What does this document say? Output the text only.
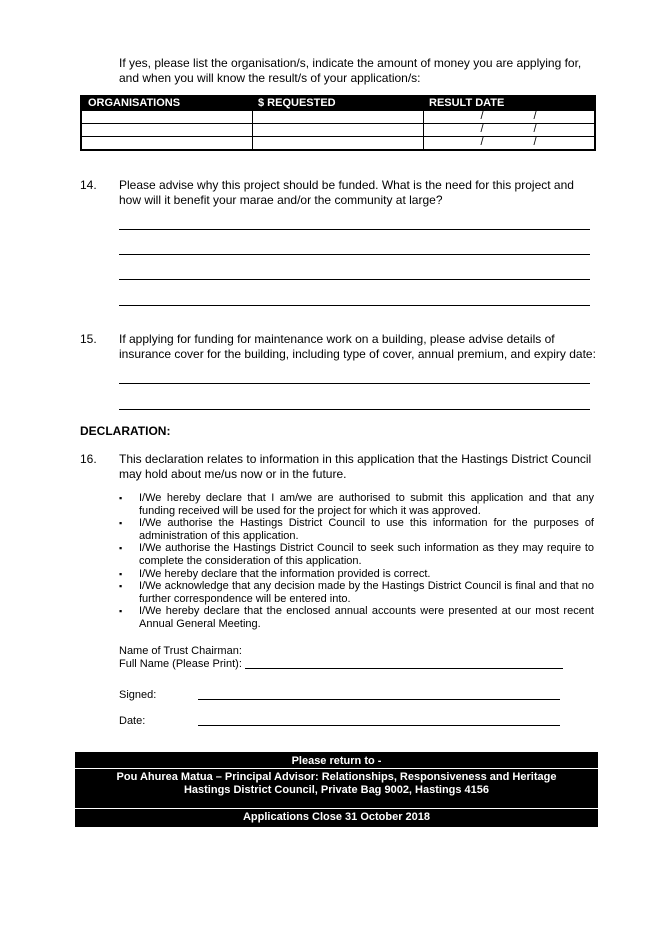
If yes, please list the organisation/s, indicate the amount of money you are applying for,
and when you will know the result/s of your application/s:
ORGANISATIONS	$ REQUESTED	RESULT DATE

		/ /

		/ /

		/ /
14. Please advise why this project should be funded. What is the need for this project and
how will it benefit your marae and/or the community at large?
15. If applying for funding for maintenance work on a building, please advise details of
insurance cover for the building, including type of cover, annual premium, and expiry date:
DECLARATION:
16. This declaration relates to information in this application that the Hastings District Council
may hold about me/us now or in the future.
▪ I/We hereby declare that I am/we are authorised to submit this application and that any funding received will be used for the project for which it was approved.
▪ I/We authorise the Hastings District Council to use this information for the purposes of administration of this application.
▪ I/We authorise the Hastings District Council to seek such information as they may require to complete the consideration of this application.
▪ I/We hereby declare that the information provided is correct.
▪ I/We acknowledge that any decision made by the Hastings District Council is final and that no further correspondence will be entered into.
▪ I/We hereby declare that the enclosed annual accounts were presented at our most recent Annual General Meeting.
Name of Trust Chairman:
Full Name (Please Print):
Signed:
Date:
Please return to -
Pou Ahurea Matua – Principal Advisor: Relationships, Responsiveness and Heritage
Hastings District Council, Private Bag 9002, Hastings 4156
Applications Close 31 October 2018
